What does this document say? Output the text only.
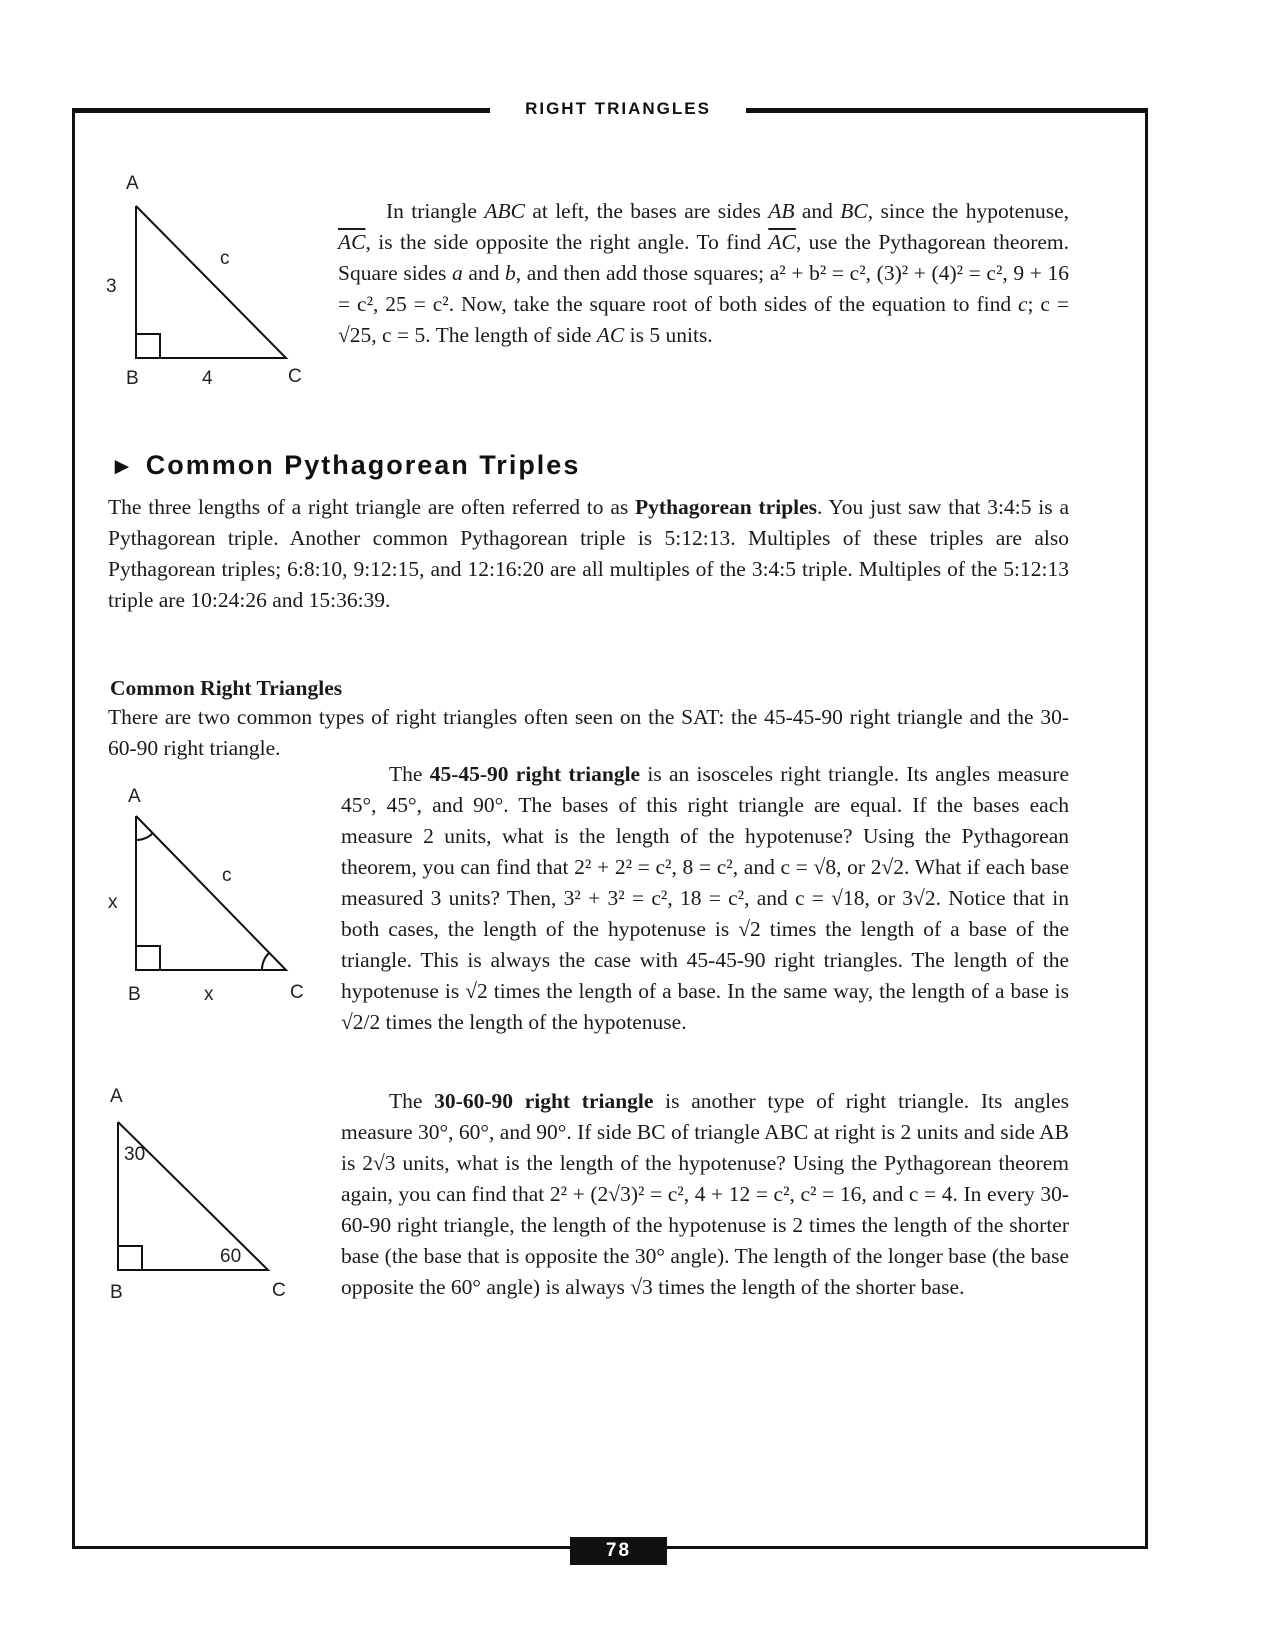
RIGHT TRIANGLES
A
3
c
B	4	C

In triangle ABC at left, the bases are sides AB and BC, since the hypotenuse, $\overline{AC}$, is the side opposite the right angle. To find $\overline{AC}$, use the Pythagorean theorem. Square sides a and b, and then add those squares; a² + b² = c², (3)² + (4)² = c², 9 + 16 = c², 25 = c². Now, take the square root of both sides of the equation to find c; c = √25, c = 5. The length of side AC is 5 units.

► Common Pythagorean Triples

The three lengths of a right triangle are often referred to as Pythagorean triples. You just saw that 3:4:5 is a Pythagorean triple. Another common Pythagorean triple is 5:12:13. Multiples of these triples are also Pythagorean triples; 6:8:10, 9:12:15, and 12:16:20 are all multiples of the 3:4:5 triple. Multiples of the 5:12:13 triple are 10:24:26 and 15:36:39.

Common Right Triangles

There are two common types of right triangles often seen on the SAT: the 45-45-90 right triangle and the 30-60-90 right triangle.

A
x
c
B	x	C

The 45-45-90 right triangle is an isosceles right triangle. Its angles measure 45°, 45°, and 90°. The bases of this right triangle are equal. If the bases each measure 2 units, what is the length of the hypotenuse? Using the Pythagorean theorem, you can find that 2² + 2² = c², 8 = c², and c = √8, or 2√2. What if each base measured 3 units? Then, 3² + 3² = c², 18 = c², and c = √18, or 3√2. Notice that in both cases, the length of the hypotenuse is √2 times the length of a base of the triangle. This is always the case with 45-45-90 right triangles. The length of the hypotenuse is √2 times the length of a base. In the same way, the length of a base is √2/2 times the length of the hypotenuse.

A
30
60
B	C

The 30-60-90 right triangle is another type of right triangle. Its angles measure 30°, 60°, and 90°. If side BC of triangle ABC at right is 2 units and side AB is 2√3 units, what is the length of the hypotenuse? Using the Pythagorean theorem again, you can find that 2² + (2√3)² = c², 4 + 12 = c², c² = 16, and c = 4. In every 30-60-90 right triangle, the length of the hypotenuse is 2 times the length of the shorter base (the base that is opposite the 30° angle). The length of the longer base (the base opposite the 60° angle) is always √3 times the length of the shorter base.

78
